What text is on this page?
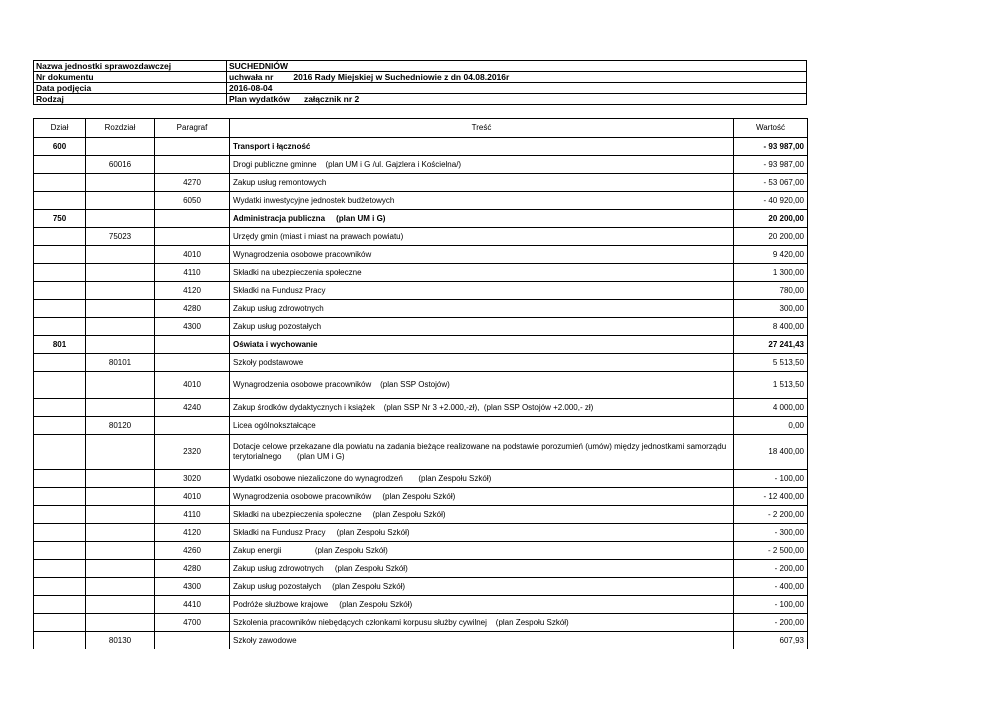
Nazwa jednostki sprawozdawczej	SUCHEDNIÓW
Nr dokumentu	uchwała nr 2016 Rady Miejskiej w Suchedniowie z dn 04.08.2016r
Data podjęcia	2016-08-04
Rodzaj	Plan wydatków załącznik nr 2
Dział	Rozdział	Paragraf	Treść	Wartość
600			Transport i łączność	- 93 987,00
	60016		Drogi publiczne gminne    (plan UM i G /ul. Gajzlera i Kościelna/)	- 93 987,00
		4270	Zakup usług remontowych	- 53 067,00
		6050	Wydatki inwestycyjne jednostek budżetowych	- 40 920,00
750			Administracja publiczna     (plan UM i G)	20 200,00
	75023		Urzędy gmin (miast i miast na prawach powiatu)	20 200,00
		4010	Wynagrodzenia osobowe pracowników	9 420,00
		4110	Składki na ubezpieczenia społeczne	1 300,00
		4120	Składki na Fundusz Pracy	780,00
		4280	Zakup usług zdrowotnych	300,00
		4300	Zakup usług pozostałych	8 400,00
801			Oświata i wychowanie	27 241,43
	80101		Szkoły podstawowe	5 513,50
		4010	Wynagrodzenia osobowe pracowników    (plan SSP Ostojów)	1 513,50
		4240	Zakup środków dydaktycznych i książek    (plan SSP Nr 3 +2.000,-zł),  (plan SSP Ostojów +2.000,- zł)	4 000,00
	80120		Licea ogólnokształcące	0,00
		2320	Dotacje celowe przekazane dla powiatu na zadania bieżące realizowane na podstawie porozumień (umów) między jednostkami samorządu terytorialnego       (plan UM i G)	18 400,00
		3020	Wydatki osobowe niezaliczone do wynagrodzeń       (plan Zespołu Szkół)	- 100,00
		4010	Wynagrodzenia osobowe pracowników     (plan Zespołu Szkół)	- 12 400,00
		4110	Składki na ubezpieczenia społeczne     (plan Zespołu Szkół)	- 2 200,00
		4120	Składki na Fundusz Pracy     (plan Zespołu Szkół)	- 300,00
		4260	Zakup energii               (plan Zespołu Szkół)	- 2 500,00
		4280	Zakup usług zdrowotnych     (plan Zespołu Szkół)	- 200,00
		4300	Zakup usług pozostałych     (plan Zespołu Szkół)	- 400,00
		4410	Podróże służbowe krajowe     (plan Zespołu Szkół)	- 100,00
		4700	Szkolenia pracowników niebędących członkami korpusu służby cywilnej    (plan Zespołu Szkół)	- 200,00
	80130		Szkoły zawodowe	607,93
